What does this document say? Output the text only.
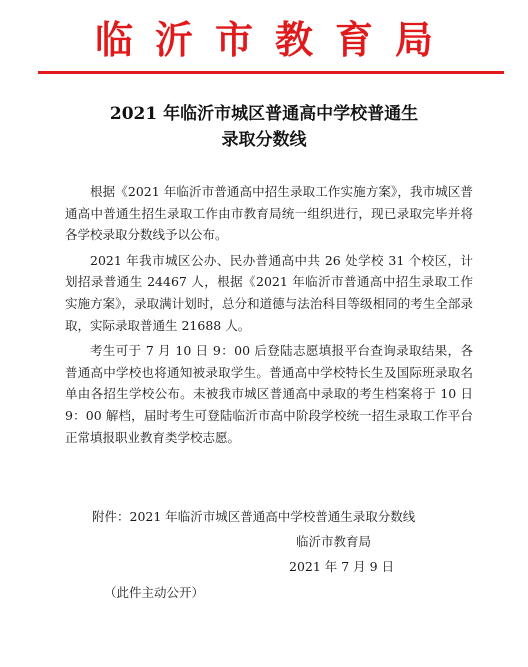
临沂市教育局
2021 年临沂市城区普通高中学校普通生
录取分数线

根据《2021 年临沂市普通高中招生录取工作实施方案》，我市城区普通高中普通生招生录取工作由市教育局统一组织进行，现已录取完毕并将各学校录取分数线予以公布。

2021 年我市城区公办、民办普通高中共 26 处学校 31 个校区，计划招录普通生 24467 人，根据《2021 年临沂市普通高中招生录取工作实施方案》，录取满计划时，总分和道德与法治科目等级相同的考生全部录取，实际录取普通生 21688 人。

考生可于 7 月 10 日 9：00 后登陆志愿填报平台查询录取结果，各普通高中学校也将通知被录取学生。普通高中学校特长生及国际班录取名单由各招生学校公布。未被我市城区普通高中录取的考生档案将于 10 日 9：00 解档，届时考生可登陆临沂市高中阶段学校统一招生录取工作平台正常填报职业教育类学校志愿。

附件：2021 年临沂市城区普通高中学校普通生录取分数线
临沂市教育局
2021 年 7 月 9 日
（此件主动公开）
